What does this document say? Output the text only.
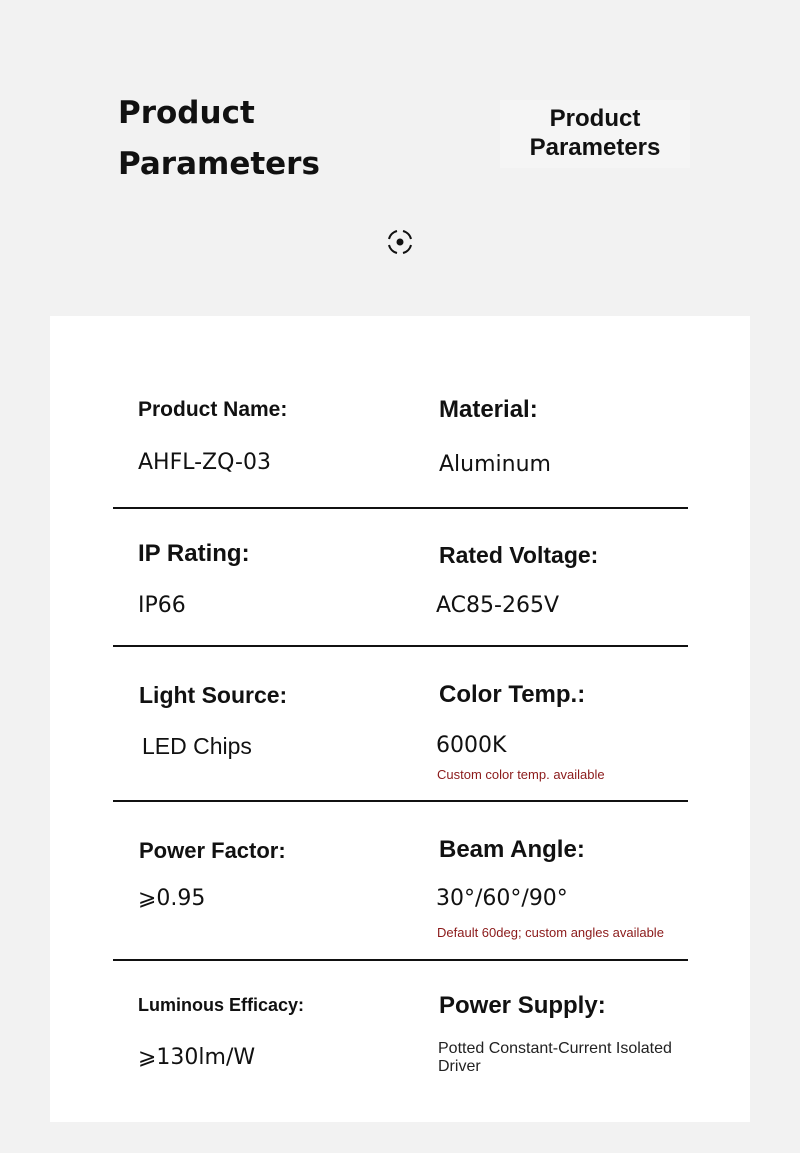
Product
Parameters
Product
Parameters
Product Name:
AHFL-ZQ-03
Material:
Aluminum
IP Rating:
IP66
Rated Voltage:
AC85-265V
Light Source:
LED Chips
Color Temp.:
6000K
Custom color temp. available
Power Factor:
⩾0.95
Beam Angle:
30°/60°/90°
Default 60deg; custom angles available
Luminous Efficacy:
⩾130lm/W
Power Supply:
Potted Constant-Current Isolated Driver
